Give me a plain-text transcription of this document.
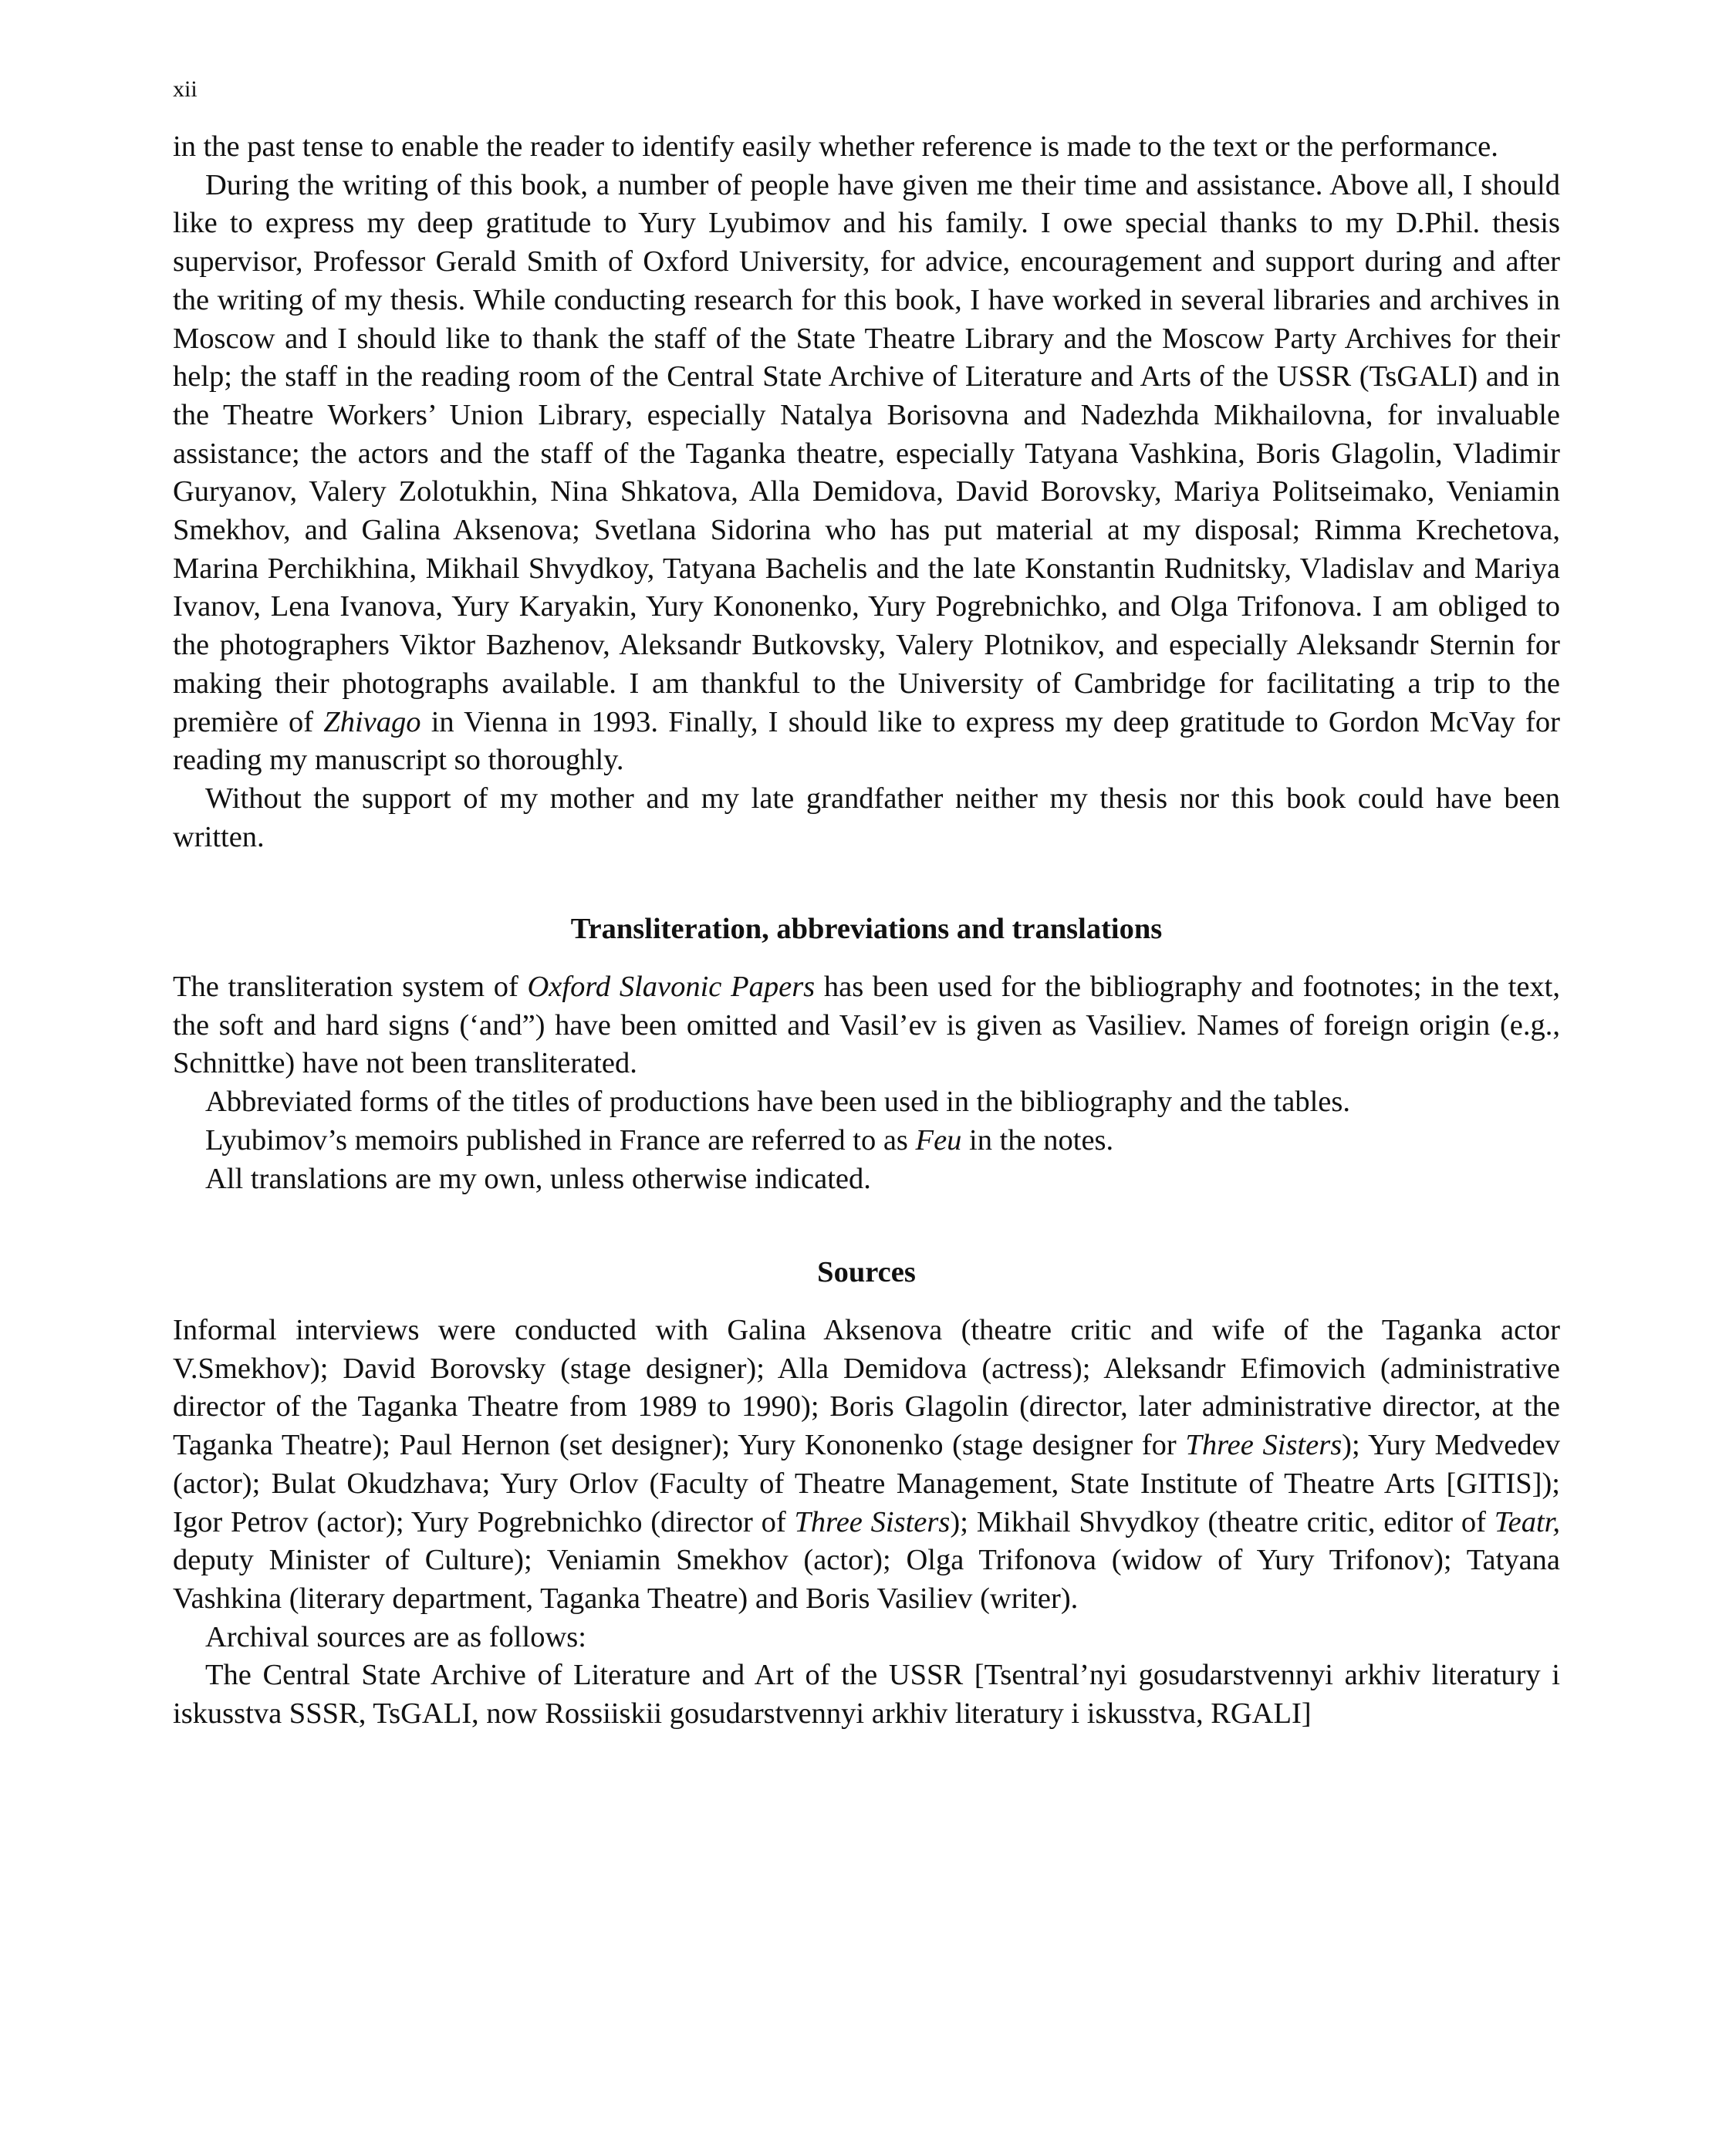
xii

in the past tense to enable the reader to identify easily whether reference is made to the text or the performance.

During the writing of this book, a number of people have given me their time and assistance. Above all, I should like to express my deep gratitude to Yury Lyubimov and his family. I owe special thanks to my D.Phil. thesis supervisor, Professor Gerald Smith of Oxford University, for advice, encouragement and support during and after the writing of my thesis. While conducting research for this book, I have worked in several libraries and archives in Moscow and I should like to thank the staff of the State Theatre Library and the Moscow Party Archives for their help; the staff in the reading room of the Central State Archive of Literature and Arts of the USSR (TsGALI) and in the Theatre Workers’ Union Library, especially Natalya Borisovna and Nadezhda Mikhailovna, for invaluable assistance; the actors and the staff of the Taganka theatre, especially Tatyana Vashkina, Boris Glagolin, Vladimir Guryanov, Valery Zolotukhin, Nina Shkatova, Alla Demidova, David Borovsky, Mariya Politseimako, Veniamin Smekhov, and Galina Aksenova; Svetlana Sidorina who has put material at my disposal; Rimma Krechetova, Marina Perchikhina, Mikhail Shvydkoy, Tatyana Bachelis and the late Konstantin Rudnitsky, Vladislav and Mariya Ivanov, Lena Ivanova, Yury Karyakin, Yury Kononenko, Yury Pogrebnichko, and Olga Trifonova. I am obliged to the photographers Viktor Bazhenov, Aleksandr Butkovsky, Valery Plotnikov, and especially Aleksandr Sternin for making their photographs available. I am thankful to the University of Cambridge for facilitating a trip to the première of Zhivago in Vienna in 1993. Finally, I should like to express my deep gratitude to Gordon McVay for reading my manuscript so thoroughly.

Without the support of my mother and my late grandfather neither my thesis nor this book could have been written.

Transliteration, abbreviations and translations

The transliteration system of Oxford Slavonic Papers has been used for the bibliography and footnotes; in the text, the soft and hard signs (‘and”) have been omitted and Vasil’ev is given as Vasiliev. Names of foreign origin (e.g., Schnittke) have not been transliterated.

Abbreviated forms of the titles of productions have been used in the bibliography and the tables.

Lyubimov’s memoirs published in France are referred to as Feu in the notes.

All translations are my own, unless otherwise indicated.

Sources

Informal interviews were conducted with Galina Aksenova (theatre critic and wife of the Taganka actor V.Smekhov); David Borovsky (stage designer); Alla Demidova (actress); Aleksandr Efimovich (administrative director of the Taganka Theatre from 1989 to 1990); Boris Glagolin (director, later administrative director, at the Taganka Theatre); Paul Hernon (set designer); Yury Kononenko (stage designer for Three Sisters); Yury Medvedev (actor); Bulat Okudzhava; Yury Orlov (Faculty of Theatre Management, State Institute of Theatre Arts [GITIS]); Igor Petrov (actor); Yury Pogrebnichko (director of Three Sisters); Mikhail Shvydkoy (theatre critic, editor of Teatr, deputy Minister of Culture); Veniamin Smekhov (actor); Olga Trifonova (widow of Yury Trifonov); Tatyana Vashkina (literary department, Taganka Theatre) and Boris Vasiliev (writer).

Archival sources are as follows:

The Central State Archive of Literature and Art of the USSR [Tsentral’nyi gosudarstvennyi arkhiv literatury i iskusstva SSSR, TsGALI, now Rossiiskii gosudarstvennyi arkhiv literatury i iskusstva, RGALI]
